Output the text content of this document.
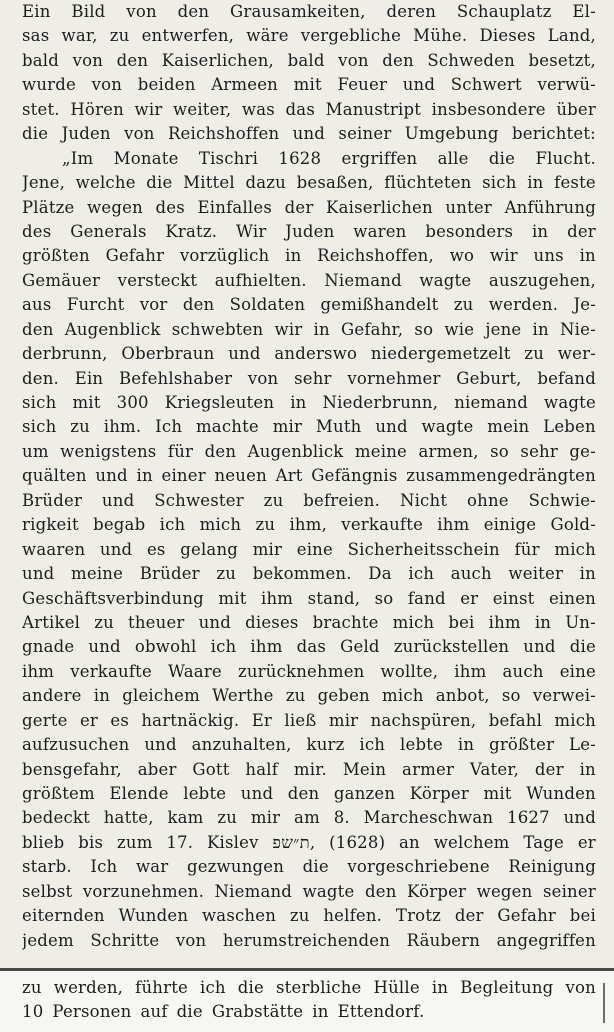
Ein Bild von den Grausamkeiten, deren Schauplatz El-
sas war, zu entwerfen, wäre vergebliche Mühe. Dieses Land,
bald von den Kaiserlichen, bald von den Schweden besetzt,
wurde von beiden Armeen mit Feuer und Schwert verwü-
stet. Hören wir weiter, was das Manustript insbesondere über
die Juden von Reichshoffen und seiner Umgebung berichtet:
„Im Monate Tischri 1628 ergriffen alle die Flucht.
Jene, welche die Mittel dazu besaßen, flüchteten sich in feste
Plätze wegen des Einfalles der Kaiserlichen unter Anführung
des Generals Kratz. Wir Juden waren besonders in der
größten Gefahr vorzüglich in Reichshoffen, wo wir uns in
Gemäuer versteckt aufhielten. Niemand wagte auszugehen,
aus Furcht vor den Soldaten gemißhandelt zu werden. Je-
den Augenblick schwebten wir in Gefahr, so wie jene in Nie-
derbrunn, Oberbraun und anderswo niedergemetzelt zu wer-
den. Ein Befehlshaber von sehr vornehmer Geburt, befand
sich mit 300 Kriegsleuten in Niederbrunn, niemand wagte
sich zu ihm. Ich machte mir Muth und wagte mein Leben
um wenigstens für den Augenblick meine armen, so sehr ge-
quälten und in einer neuen Art Gefängnis zusammengedrängten
Brüder und Schwester zu befreien. Nicht ohne Schwie-
rigkeit begab ich mich zu ihm, verkaufte ihm einige Gold-
waaren und es gelang mir eine Sicherheitsschein für mich
und meine Brüder zu bekommen. Da ich auch weiter in
Geschäftsverbindung mit ihm stand, so fand er einst einen
Artikel zu theuer und dieses brachte mich bei ihm in Un-
gnade und obwohl ich ihm das Geld zurückstellen und die
ihm verkaufte Waare zurücknehmen wollte, ihm auch eine
andere in gleichem Werthe zu geben mich anbot, so verwei-
gerte er es hartnäckig. Er ließ mir nachspüren, befahl mich
aufzusuchen und anzuhalten, kurz ich lebte in größter Le-
bensgefahr, aber Gott half mir. Mein armer Vater, der in
größtem Elende lebte und den ganzen Körper mit Wunden
bedeckt hatte, kam zu mir am 8. Marcheschwan 1627 und
blieb bis zum 17. Kislev ת״שפ, (1628) an welchem Tage er
starb. Ich war gezwungen die vorgeschriebene Reinigung
selbst vorzunehmen. Niemand wagte den Körper wegen seiner
eiternden Wunden waschen zu helfen. Trotz der Gefahr bei
jedem Schritte von herumstreichenden Räubern angegriffen
zu werden, führte ich die sterbliche Hülle in Begleitung von
10 Personen auf die Grabstätte in Ettendorf.
